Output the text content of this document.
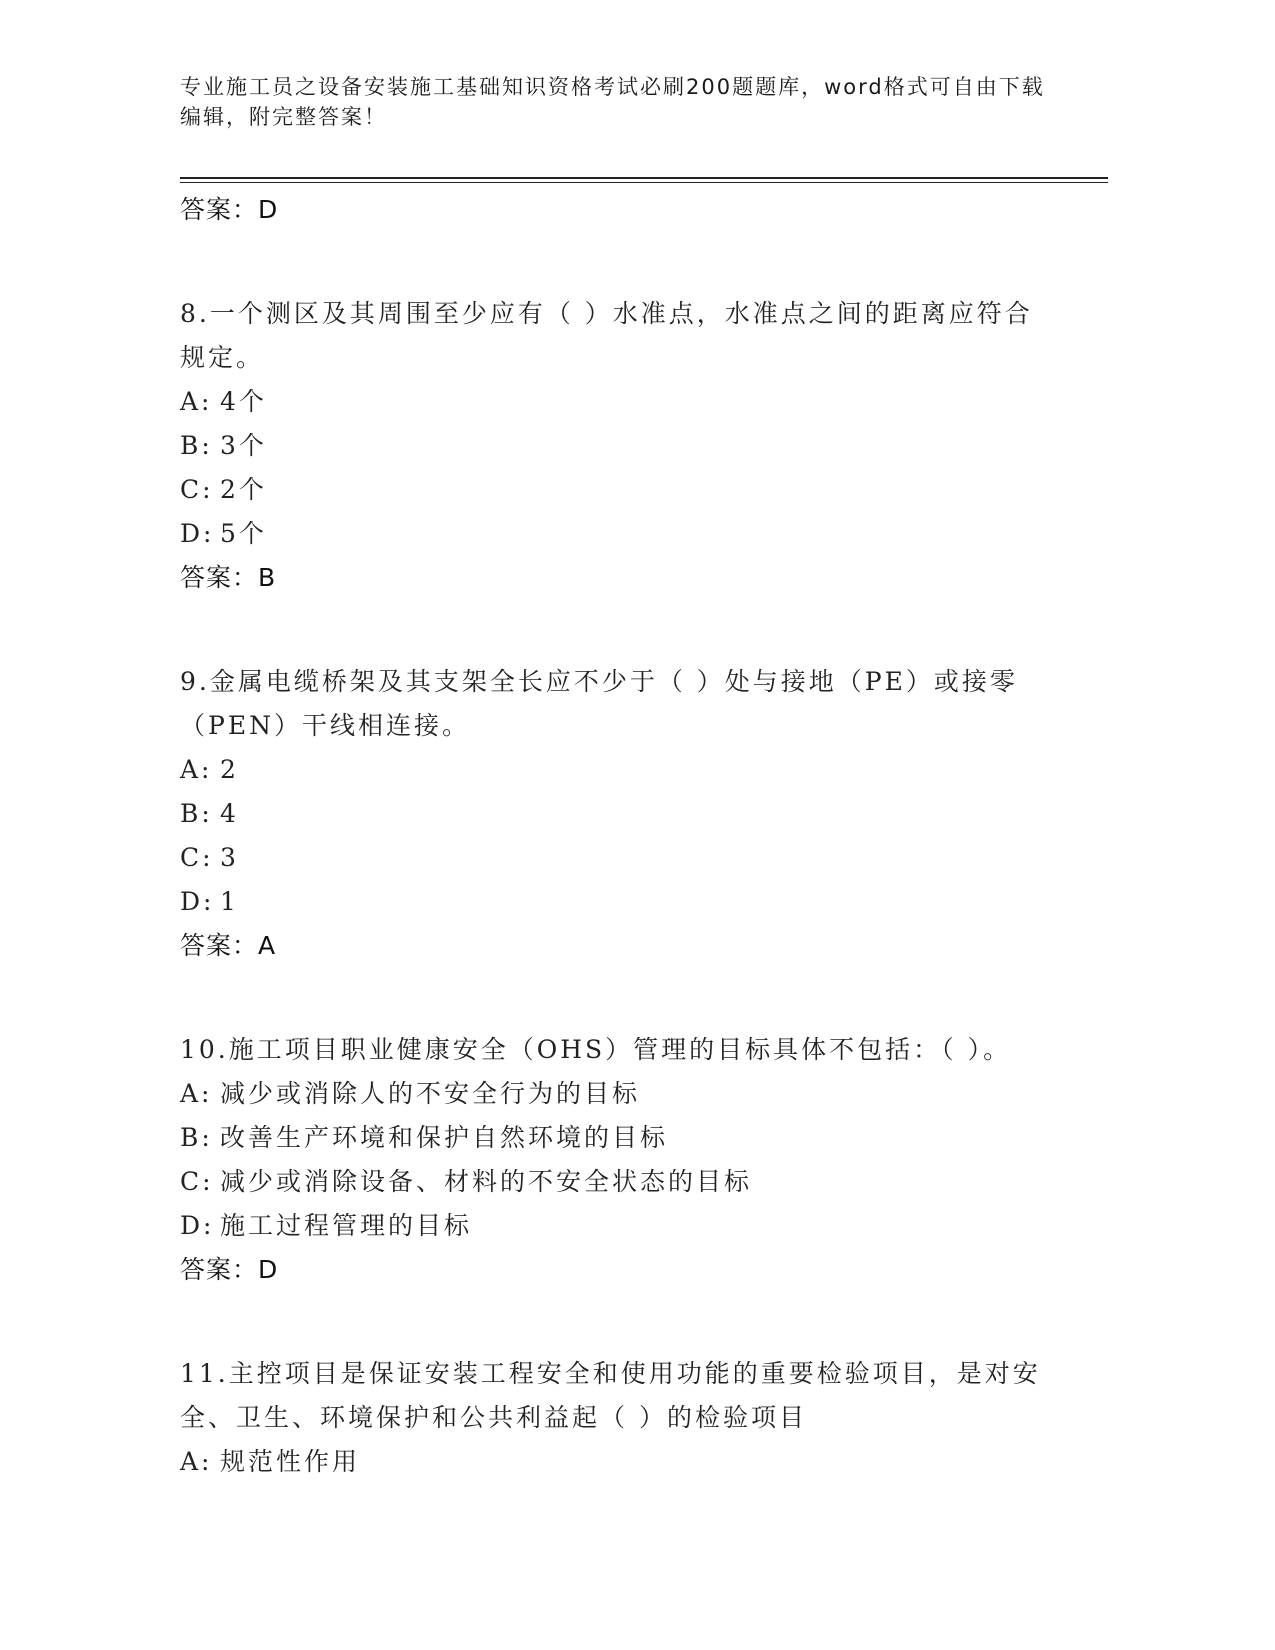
专业施工员之设备安装施工基础知识资格考试必刷200题题库，word格式可自由下载编辑，附完整答案！
答案：D
8.一个测区及其周围至少应有（ ）水准点，水准点之间的距离应符合规定。
A: 4个
B: 3个
C: 2个
D: 5个
答案：B
9.金属电缆桥架及其支架全长应不少于（ ）处与接地（PE）或接零（PEN）干线相连接。
A: 2
B: 4
C: 3
D: 1
答案：A
10.施工项目职业健康安全（OHS）管理的目标具体不包括：（ ）。
A: 减少或消除人的不安全行为的目标
B: 改善生产环境和保护自然环境的目标
C: 减少或消除设备、材料的不安全状态的目标
D: 施工过程管理的目标
答案：D
11.主控项目是保证安装工程安全和使用功能的重要检验项目，是对安全、卫生、环境保护和公共利益起（ ）的检验项目
A: 规范性作用
